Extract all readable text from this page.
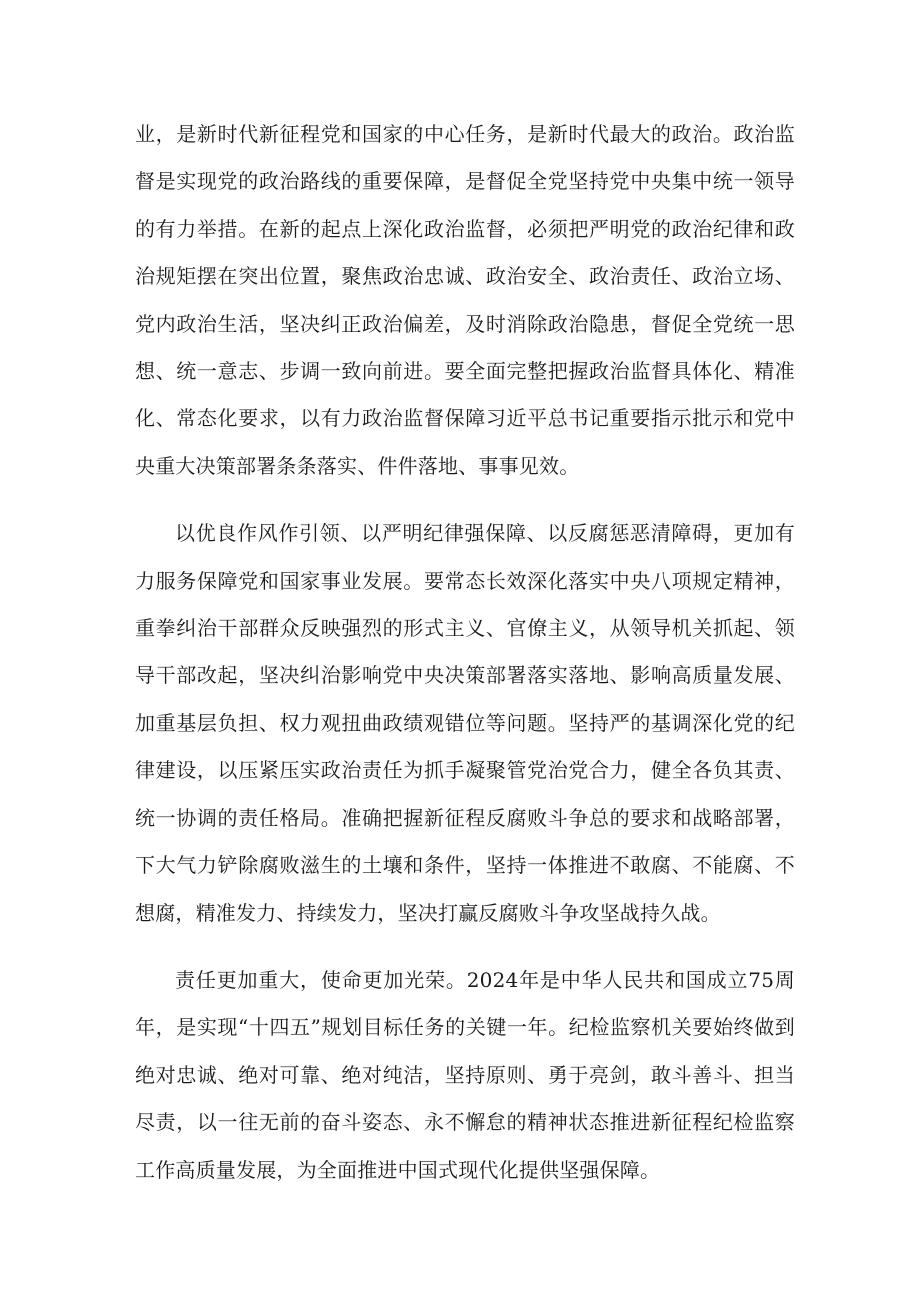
业，是新时代新征程党和国家的中心任务，是新时代最大的政治。政治监督是实现党的政治路线的重要保障，是督促全党坚持党中央集中统一领导的有力举措。在新的起点上深化政治监督，必须把严明党的政治纪律和政治规矩摆在突出位置，聚焦政治忠诚、政治安全、政治责任、政治立场、党内政治生活，坚决纠正政治偏差，及时消除政治隐患，督促全党统一思想、统一意志、步调一致向前进。要全面完整把握政治监督具体化、精准化、常态化要求，以有力政治监督保障习近平总书记重要指示批示和党中央重大决策部署条条落实、件件落地、事事见效。

以优良作风作引领、以严明纪律强保障、以反腐惩恶清障碍，更加有力服务保障党和国家事业发展。要常态长效深化落实中央八项规定精神，重拳纠治干部群众反映强烈的形式主义、官僚主义，从领导机关抓起、领导干部改起，坚决纠治影响党中央决策部署落实落地、影响高质量发展、加重基层负担、权力观扭曲政绩观错位等问题。坚持严的基调深化党的纪律建设，以压紧压实政治责任为抓手凝聚管党治党合力，健全各负其责、统一协调的责任格局。准确把握新征程反腐败斗争总的要求和战略部署，下大气力铲除腐败滋生的土壤和条件，坚持一体推进不敢腐、不能腐、不想腐，精准发力、持续发力，坚决打赢反腐败斗争攻坚战持久战。

责任更加重大，使命更加光荣。2024年是中华人民共和国成立75周年，是实现“十四五”规划目标任务的关键一年。纪检监察机关要始终做到绝对忠诚、绝对可靠、绝对纯洁，坚持原则、勇于亮剑，敢斗善斗、担当尽责，以一往无前的奋斗姿态、永不懈怠的精神状态推进新征程纪检监察工作高质量发展，为全面推进中国式现代化提供坚强保障。
